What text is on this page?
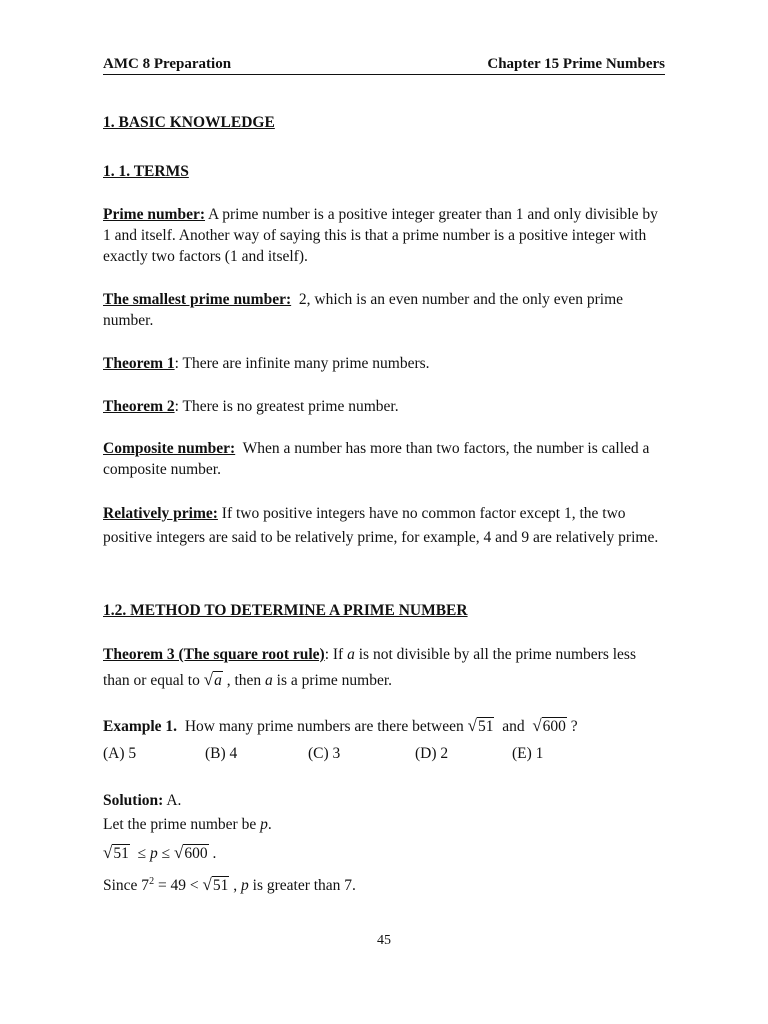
AMC 8 Preparation	Chapter 15 Prime Numbers
1. BASIC KNOWLEDGE
1. 1. TERMS
Prime number: A prime number is a positive integer greater than 1 and only divisible by 1 and itself. Another way of saying this is that a prime number is a positive integer with exactly two factors (1 and itself).
The smallest prime number:  2, which is an even number and the only even prime number.
Theorem 1: There are infinite many prime numbers.
Theorem 2: There is no greatest prime number.
Composite number:  When a number has more than two factors, the number is called a composite number.
Relatively prime: If two positive integers have no common factor except 1, the two positive integers are said to be relatively prime, for example, 4 and 9 are relatively prime.
1.2. METHOD TO DETERMINE A PRIME NUMBER
Theorem 3 (The square root rule): If a is not divisible by all the prime numbers less than or equal to √a , then a is a prime number.
Example 1.  How many prime numbers are there between √51  and  √600 ?
(A) 5	(B) 4	(C) 3	(D) 2	(E) 1
Solution: A.
Let the prime number be p.
√51  ≤ p ≤ √600 .
Since $7^2 = 49 < √51$ , p is greater than 7.
45
